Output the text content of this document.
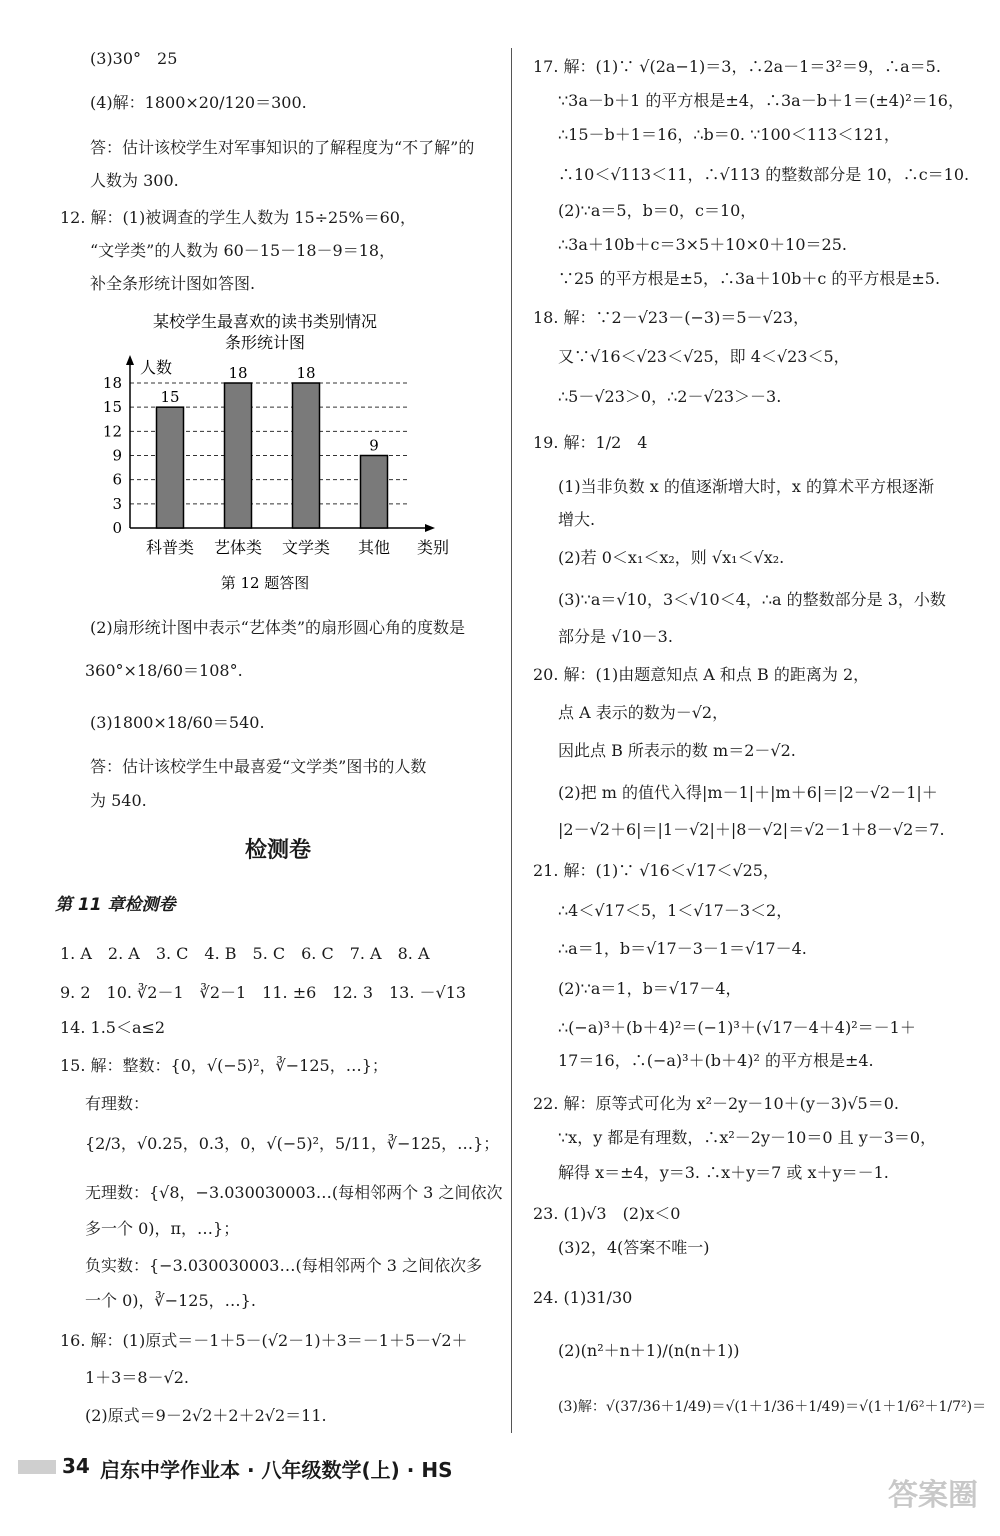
(3)30°　25
(4)解：1800×20/120＝300.
答：估计该校学生对军事知识的了解程度为“不了解”的
人数为 300.
12. 解：(1)被调查的学生人数为 15÷25%＝60，
“文学类”的人数为 60－15－18－9＝18，
补全条形统计图如答图.
某校学生最喜欢的读书类别情况
条形统计图
0
3
6
9
12
15
18
人数
类别
15
科普类
18
艺体类
18
文学类
9
其他
第 12 题答图
(2)扇形统计图中表示“艺体类”的扇形圆心角的度数是
360°×18/60＝108°.
(3)1800×18/60＝540.
答：估计该校学生中最喜爱“文学类”图书的人数
为 540.
检测卷
第 11 章检测卷
1. A　2. A　3. C　4. B　5. C　6. C　7. A　8. A
9. 2　10. ∛2－1　∛2－1　11. ±6　12. 3　13. －√13
14. 1.5＜a≤2
15. 解：整数：{0，√(−5)²，∛−125，…}；
有理数：
{2/3，√0.25，0.3̇，0，√(−5)²，5/11，∛−125，…}；
无理数：{√8，−3.030030003…(每相邻两个 3 之间依次
多一个 0)，π，…}；
负实数：{−3.030030003…(每相邻两个 3 之间依次多
一个 0)，∛−125，…}.
16. 解：(1)原式＝－1＋5－(√2－1)＋3＝－1＋5－√2＋
1＋3＝8－√2.
(2)原式＝9－2√2＋2＋2√2＝11.
17. 解：(1)∵ √(2a−1)＝3，∴2a－1＝3²＝9，∴a＝5.
∵3a－b＋1 的平方根是±4，∴3a－b＋1＝(±4)²＝16，
∴15－b＋1＝16，∴b＝0. ∵100＜113＜121，
∴10＜√113＜11，∴√113 的整数部分是 10，∴c＝10.
(2)∵a＝5，b＝0，c＝10，
∴3a＋10b＋c＝3×5＋10×0＋10＝25.
∵25 的平方根是±5，∴3a＋10b＋c 的平方根是±5.
18. 解：∵2－√23－(−3)＝5－√23，
又∵√16＜√23＜√25，即 4＜√23＜5，
∴5－√23＞0，∴2－√23＞－3.
19. 解：1/2　4
(1)当非负数 x 的值逐渐增大时，x 的算术平方根逐渐
增大.
(2)若 0＜x₁＜x₂，则 √x₁＜√x₂.
(3)∵a＝√10，3＜√10＜4，∴a 的整数部分是 3，小数
部分是 √10－3.
20. 解：(1)由题意知点 A 和点 B 的距离为 2，
点 A 表示的数为－√2，
因此点 B 所表示的数 m＝2－√2.
(2)把 m 的值代入得|m－1|＋|m＋6|＝|2－√2－1|＋
|2－√2＋6|＝|1－√2|＋|8－√2|＝√2－1＋8－√2＝7.
21. 解：(1)∵ √16＜√17＜√25，
∴4＜√17＜5，1＜√17－3＜2，
∴a＝1，b＝√17－3－1＝√17－4.
(2)∵a＝1，b＝√17－4，
∴(−a)³＋(b＋4)²＝(−1)³＋(√17－4＋4)²＝－1＋
17＝16，∴(−a)³＋(b＋4)² 的平方根是±4.
22. 解：原等式可化为 x²－2y－10＋(y－3)√5＝0.
∵x，y 都是有理数，∴x²－2y－10＝0 且 y－3＝0，
解得 x＝±4，y＝3. ∴x＋y＝7 或 x＋y＝－1.
23. (1)√3　(2)x＜0
(3)2，4(答案不唯一)
24. (1)31/30
(2)(n²＋n＋1)/(n(n＋1))
(3)解：√(37/36＋1/49)＝√(1＋1/36＋1/49)＝√(1＋1/6²＋1/7²)＝
34 启东中学作业本 · 八年级数学(上) · HS
答案圈
